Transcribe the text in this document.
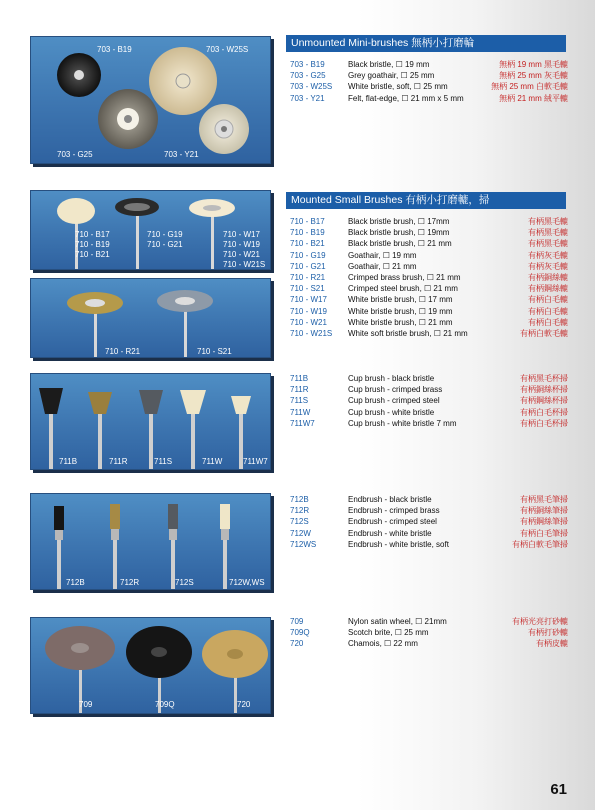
703 - B19	703 - W25S
703 - G25	703 - Y21
Unmounted Mini-brushes 無柄小打磨輪
703 - B19	Black bristle, ☐ 19 mm	無柄 19 mm 黑毛轆
703 - G25	Grey goathair, ☐ 25 mm	無柄 25 mm 灰毛轆
703 - W25S White bristle, soft, ☐ 25 mm	無柄 25 mm 白軟毛轆
703 - Y21	Felt, flat-edge, ☐ 21 mm x 5 mm	無柄 21 mm 絨平轆
710 - B17
710 - B19
710 - B21
710 - G19
710 - G21
710 - W17
710 - W19
710 - W21
710 - W21S
710 - R21	710 - S21
Mounted Small Brushes 有柄小打磨轆，掃
710 - B17	Black bristle brush, ☐ 17mm	有柄黑毛轆
710 - B19	Black bristle brush, ☐ 19mm	有柄黑毛轆
710 - B21	Black bristle brush, ☐ 21 mm	有柄黑毛轆
710 - G19	Goathair, ☐ 19 mm	有柄灰毛轆
710 - G21	Goathair, ☐ 21 mm	有柄灰毛轆
710 - R21	Crimped brass brush, ☐ 21 mm	有柄銅絲轆
710 - S21	Crimped steel brush, ☐ 21 mm	有柄鋼絲轆
710 - W17	White bristle brush, ☐ 17 mm	有柄白毛轆
710 - W19	White bristle brush, ☐ 19 mm	有柄白毛轆
710 - W21	White bristle brush, ☐ 21 mm	有柄白毛轆
710 - W21S White soft bristle brush, ☐ 21 mm	有柄白軟毛轆
711B	711R	711S	711W	711W7
711B	Cup brush - black bristle	有柄黑毛杯掃
711R	Cup brush - crimped brass	有柄銅絲杯掃
711S	Cup brush - crimped steel	有柄鋼絲杯掃
711W	Cup brush - white bristle	有柄白毛杯掃
711W7	Cup brush - white bristle 7 mm	有柄白毛杯掃
712B	712R	712S	712W,WS
712B	Endbrush - black bristle	有柄黑毛筆掃
712R	Endbrush - crimped brass	有柄銅絲筆掃
712S	Endbrush - crimped steel	有柄鋼絲筆掃
712W	Endbrush - white bristle	有柄白毛筆掃
712WS	Endbrush - white bristle, soft	有柄白軟毛筆掃
709	709Q	720
709	Nylon satin wheel, ☐ 21mm	有柄光亮打砂轆
709Q	Scotch brite, ☐ 25 mm	有柄打砂轆
720	Chamois, ☐ 22 mm	有柄皮轆
61
